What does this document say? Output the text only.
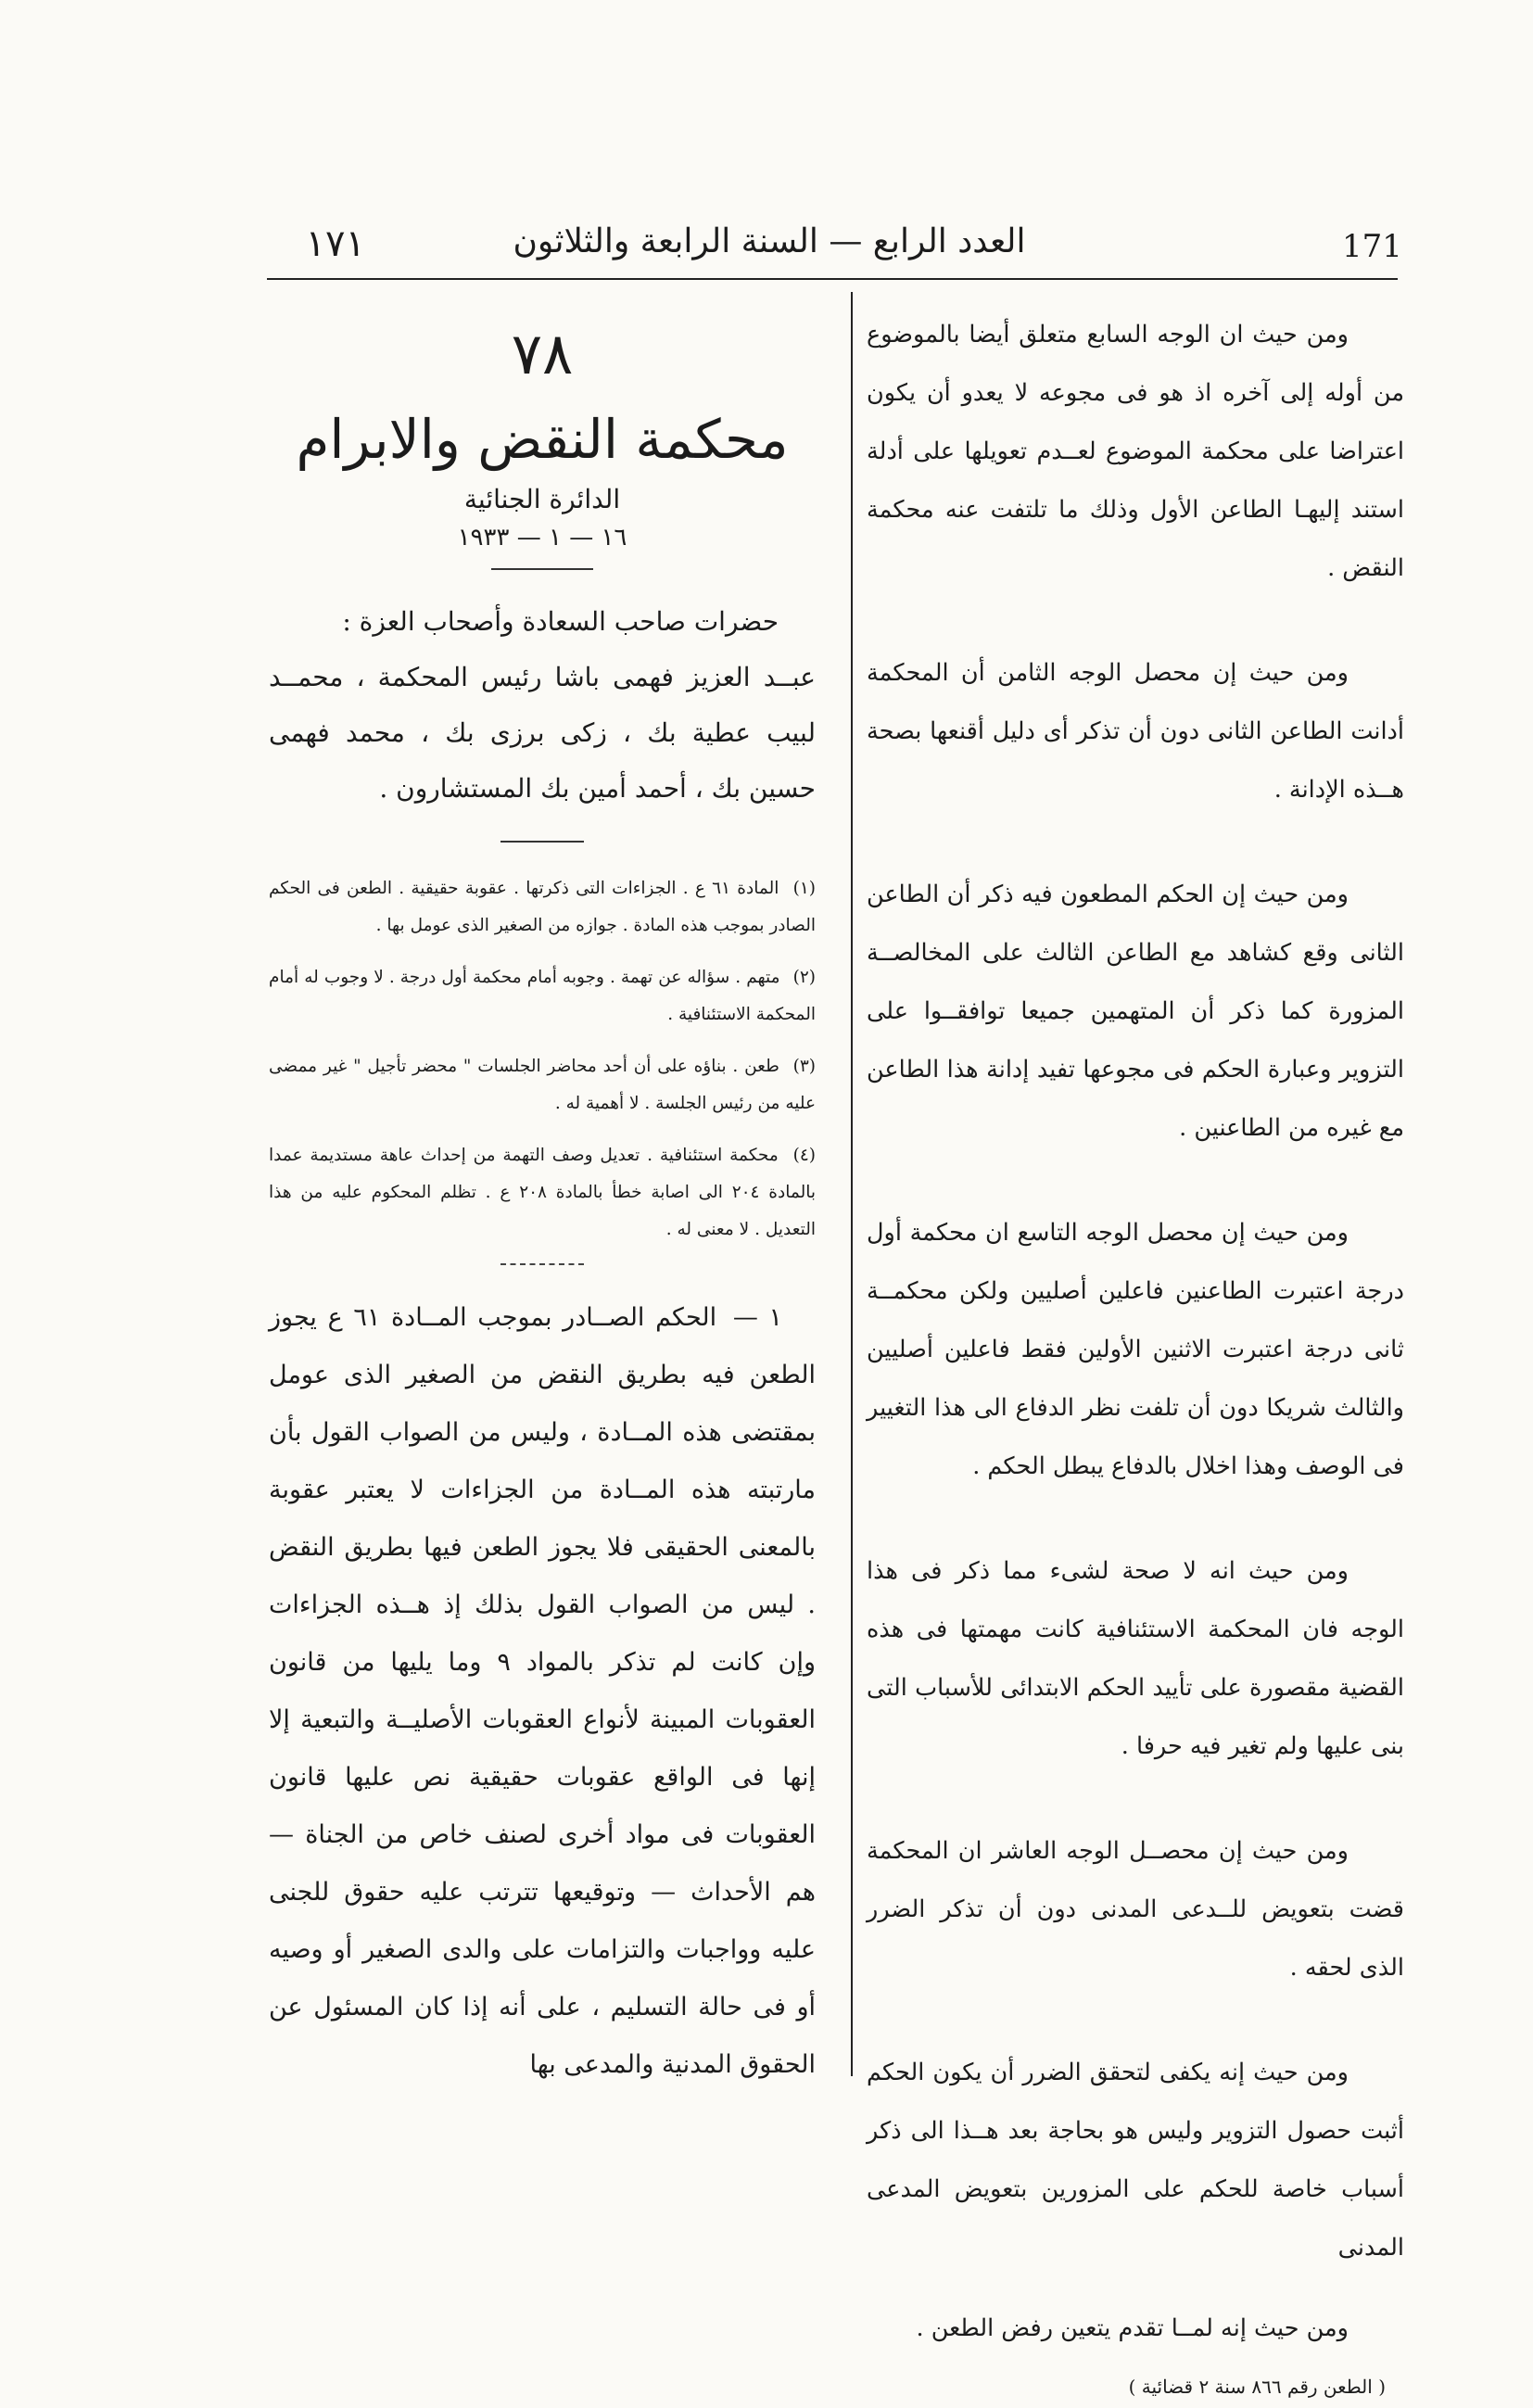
١٧١	العدد الرابع — السنة الرابعة والثلاثون	171

ومن حيث ان الوجه السابع متعلق أيضا بالموضوع من أوله إلى آخره اذ هو فى مجوعه لا يعدو أن يكون اعتراضا على محكمة الموضوع لعــدم تعويلها على أدلة استند إليهـا الطاعن الأول وذلك ما تلتفت عنه محكمة النقض .

ومن حيث إن محصل الوجه الثامن أن المحكمة أدانت الطاعن الثانى دون أن تذكر أى دليل أقنعها بصحة هــذه الإدانة .

ومن حيث إن الحكم المطعون فيه ذكر أن الطاعن الثانى وقع كشاهد مع الطاعن الثالث على المخالصــة المزورة كما ذكر أن المتهمين جميعا توافقــوا على التزوير وعبارة الحكم فى مجوعها تفيد إدانة هذا الطاعن مع غيره من الطاعنين .

ومن حيث إن محصل الوجه التاسع ان محكمة أول درجة اعتبرت الطاعنين فاعلين أصليين ولكن محكمــة ثانى درجة اعتبرت الاثنين الأولين فقط فاعلين أصليين والثالث شريكا دون أن تلفت نظر الدفاع الى هذا التغيير فى الوصف وهذا اخلال بالدفاع يبطل الحكم .

ومن حيث انه لا صحة لشىء مما ذكر فى هذا الوجه فان المحكمة الاستئنافية كانت مهمتها فى هذه القضية مقصورة على تأييد الحكم الابتدائى للأسباب التى بنى عليها ولم تغير فيه حرفا .

ومن حيث إن محصــل الوجه العاشر ان المحكمة قضت بتعويض للــدعى المدنى دون أن تذكر الضرر الذى لحقه .

ومن حيث إنه يكفى لتحقق الضرر أن يكون الحكم أثبت حصول التزوير وليس هو بحاجة بعد هــذا الى ذكر أسباب خاصة للحكم على المزورين بتعويض المدعى المدنى

ومن حيث إنه لمــا تقدم يتعين رفض الطعن .

( الطعن رقم ٨٦٦ سنة ٢ قضائية )

٧٨
محكمة النقض والابرام
الدائرة الجنائية
١٦ — ١ — ١٩٣٣

حضرات صاحب السعادة وأصحاب العزة :

عبــد العزيز فهمى باشا رئيس المحكمة ، محمــد لبيب عطية بك ، زكى برزى بك ، محمد فهمى حسين بك ، أحمد أمين بك المستشارون .

(١) المادة ٦١ ع . الجزاءات التى ذكرتها . عقوبة حقيقية . الطعن فى الحكم الصادر بموجب هذه المادة . جوازه من الصغير الذى عومل بها .

(٢) متهم . سؤاله عن تهمة . وجوبه أمام محكمة أول درجة . لا وجوب له أمام المحكمة الاستئنافية .

(٣) طعن . بناؤه على أن أحد محاضر الجلسات " محضر تأجيل " غير ممضى عليه من رئيس الجلسة . لا أهمية له .

(٤) محكمة استئنافية . تعديل وصف التهمة من إحداث عاهة مستديمة عمدا بالمادة ٢٠٤ الى اصابة خطأ بالمادة ٢٠٨ ع . تظلم المحكوم عليه من هذا التعديل . لا معنى له .

١ — الحكم الصــادر بموجب المــادة ٦١ ع يجوز الطعن فيه بطريق النقض من الصغير الذى عومل بمقتضى هذه المــادة ، وليس من الصواب القول بأن مارتبته هذه المــادة من الجزاءات لا يعتبر عقوبة بالمعنى الحقيقى فلا يجوز الطعن فيها بطريق النقض . ليس من الصواب القول بذلك إذ هــذه الجزاءات وإن كانت لم تذكر بالمواد ٩ وما يليها من قانون العقوبات المبينة لأنواع العقوبات الأصليــة والتبعية إلا إنها فى الواقع عقوبات حقيقية نص عليها قانون العقوبات فى مواد أخرى لصنف خاص من الجناة — هم الأحداث — وتوقيعها تترتب عليه حقوق للجنى عليه وواجبات والتزامات على والدى الصغير أو وصيه أو فى حالة التسليم ، على أنه إذا كان المسئول عن الحقوق المدنية والمدعى بها
